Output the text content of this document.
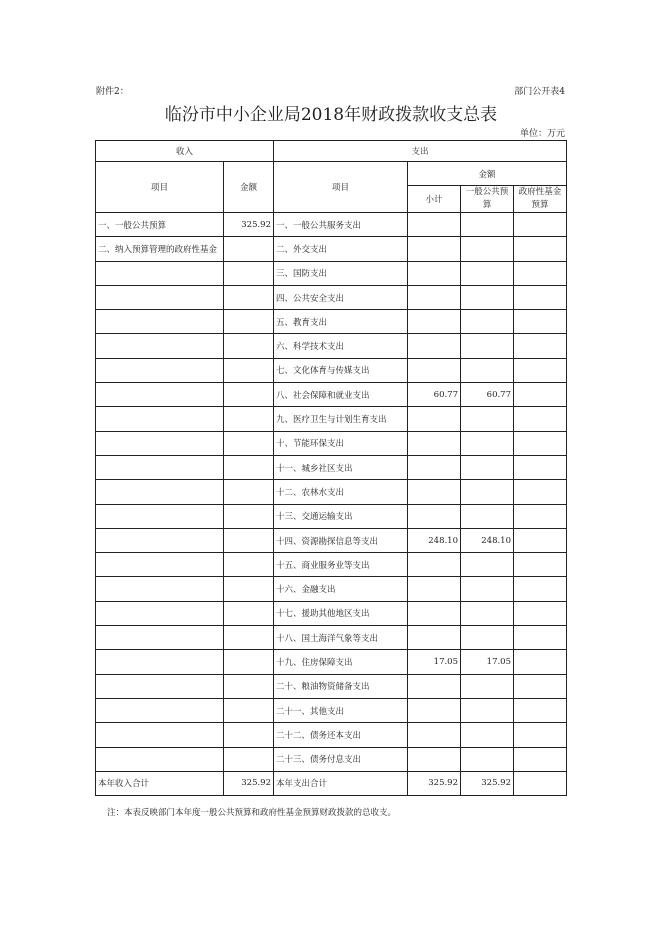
附件2：	部门公开表4
临汾市中小企业局2018年财政拨款收支总表
单位：万元
收入		支出			
项目	金额	项目	金额		
			小计	一般公共预算	政府性基金预算
一、一般公共预算	325.92	一、一般公共服务支出			
二、纳入预算管理的政府性基金		二、外交支出			
		三、国防支出			
		四、公共安全支出			
		五、教育支出			
		六、科学技术支出			
		七、文化体育与传媒支出			
		八、社会保障和就业支出	60.77	60.77	
		九、医疗卫生与计划生育支出			
		十、节能环保支出			
		十一、城乡社区支出			
		十二、农林水支出			
		十三、交通运输支出			
		十四、资源勘探信息等支出	248.10	248.10	
		十五、商业服务业等支出			
		十六、金融支出			
		十七、援助其他地区支出			
		十八、国土海洋气象等支出			
		十九、住房保障支出	17.05	17.05	
		二十、粮油物资储备支出			
		二十一、其他支出			
		二十二、债务还本支出			
		二十三、债务付息支出			
本年收入合计	325.92	本年支出合计	325.92	325.92	
注：本表反映部门本年度一般公共预算和政府性基金预算财政拨款的总收支。
